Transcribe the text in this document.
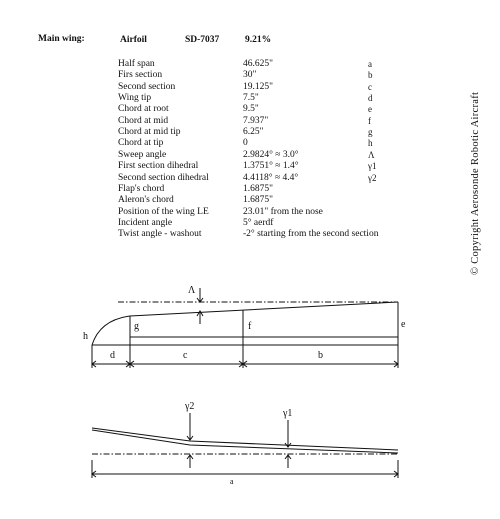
Main wing:	Airfoil	SD-7037	9.21%
Half span	46.625"	a
Firs section	30"	b
Second section	19.125"	c
Wing tip	7.5"	d
Chord at root	9.5"	e
Chord at mid	7.937"	f
Chord at mid tip	6.25"	g
Chord at tip	0	h
Sweep angle	2.9824° ≈ 3.0°	Λ
First section dihedral	1.3751° ≈ 1.4°	γ1
Second section dihedral	4.4118° ≈ 4.4°	γ2
Flap's chord	1.6875"
Aleron's chord	1.6875"
Position of the wing LE	23.01" from the nose
Incident angle	5° aerdf
Twist angle - washout	-2° starting from the second section	© Copyright Aerosonde Robotic Aircraft
Λ
g	f	e
h
d	c	b
γ2
γ1
a
